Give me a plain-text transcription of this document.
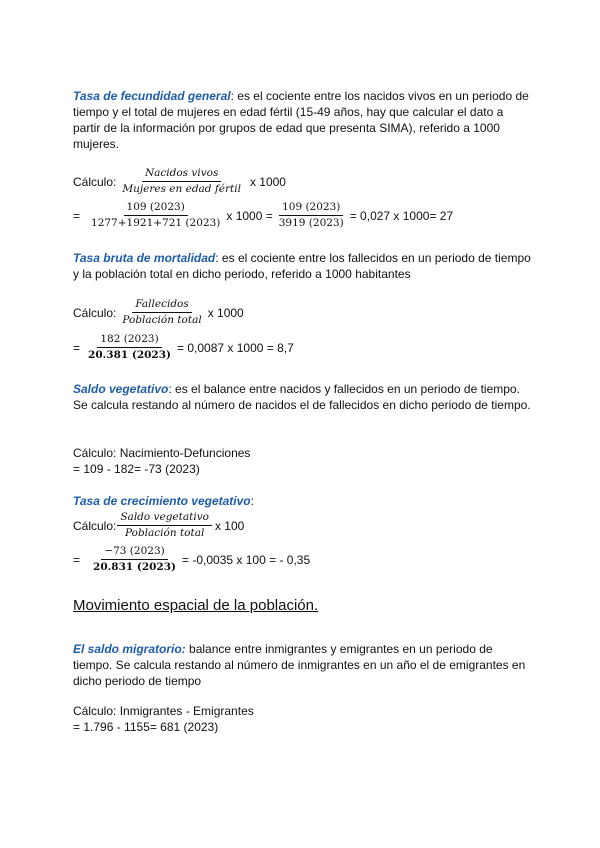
Tasa de fecundidad general: es el cociente entre los nacidos vivos en un periodo de tiempo y el total de mujeres en edad fértil (15-49 años, hay que calcular el dato a partir de la información por grupos de edad que presenta SIMA), referido a 1000 mujeres.

Cálculo: $\frac{\text{Nacidos vivos}}{\text{Mujeres en edad fértil}}$ x 1000
= $\frac{109 (2023)}{1277+1921+721 (2023)}$ x $1000 = \frac{109 (2023)}{3919 (2023)} = 0,027$ x 1000= 27

Tasa bruta de mortalidad: es el cociente entre los fallecidos en un periodo de tiempo y la población total en dicho periodo, referido a 1000 habitantes

Cálculo: $\frac{\text{Fallecidos}}{\text{Población total}}$ x 1000
= $\frac{182 (2023)}{20.381 (2023)} = 0,0087$ x 1000 = 8,7

Saldo vegetativo: es el balance entre nacidos y fallecidos en un periodo de tiempo. Se calcula restando al número de nacidos el de fallecidos en dicho periodo de tiempo.

Cálculo: Nacimiento-Defunciones

= 109 - 182= -73 (2023)

Tasa de crecimiento vegetativo:

Cálculo: $\frac{\text{Saldo vegetativo}}{\text{Población total}}$ x 100
= $\frac{-73 (2023)}{20.831 (2023)} = -0,0035$ x 100 = - 0,35
Movimiento espacial de la población.

El saldo migratorio: balance entre inmigrantes y emigrantes en un periodo de tiempo. Se calcula restando al número de inmigrantes en un año el de emigrantes en dicho periodo de tiempo

Cálculo: Inmigrantes - Emigrantes

= 1.796 - 1155= 681 (2023)
